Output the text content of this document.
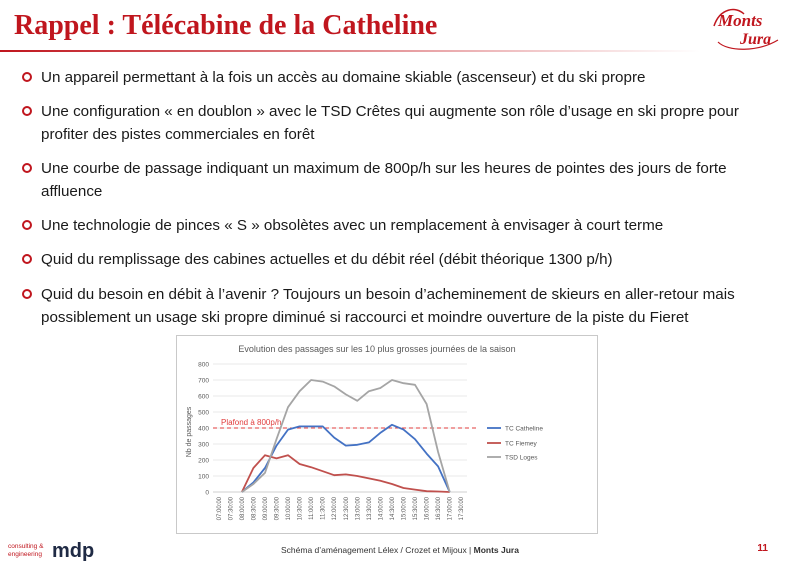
Rappel : Télécabine de la Catheline	Monts
Jura
Un appareil permettant à la fois un accès au domaine skiable (ascenseur) et du ski propre
Une configuration « en doublon » avec le TSD Crêtes qui augmente son rôle d’usage en ski propre pour profiter des pistes commerciales en forêt
Une courbe de passage indiquant un maximum de 800p/h sur les heures de pointes des jours de forte affluence
Une technologie de pinces « S » obsolètes avec un remplacement à envisager à court terme
Quid du remplissage des cabines actuelles et du débit réel (débit théorique 1300 p/h)
Quid du besoin en débit à l’avenir ? Toujours un besoin d’acheminement de skieurs en aller-retour mais possiblement un usage ski propre diminué si raccourci et moindre ouverture de la piste du Fieret
Evolution des passages sur les 10 plus grosses journées de la saison
Nb de passages
0
100
200
300
400
500
600
700
800
07:00:00 07:30:00 08:00:00 08:30:00 09:00:00 09:30:00 10:00:00 10:30:00 11:00:00 11:30:00 12:00:00 12:30:00 13:00:00 13:30:00 14:00:00 14:30:00 15:00:00 15:30:00 16:00:00 16:30:00 17:00:00 17:30:00
Plafond à 800p/h
TC Catheline
TC Fiemey
TSD Loges
consulting &
engineering mdp	Schéma d’aménagement Lélex / Crozet et Mijoux | Monts Jura	11
